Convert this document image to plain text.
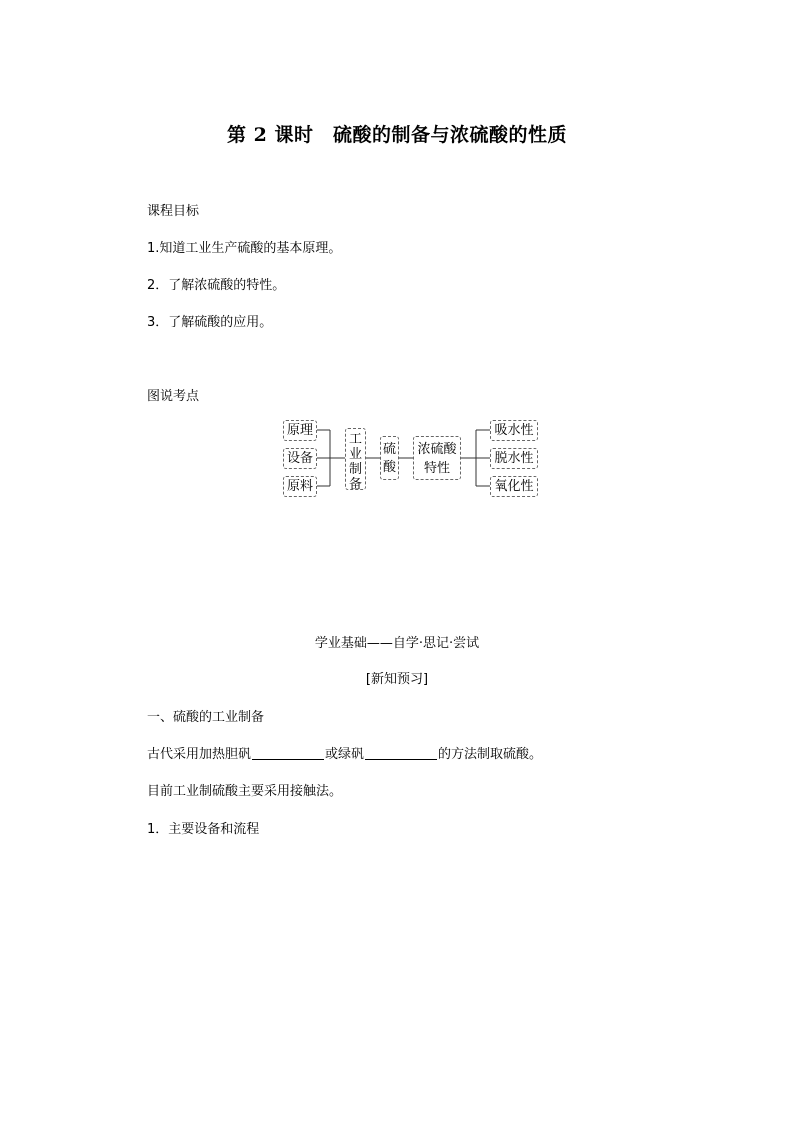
第 2 课时　硫酸的制备与浓硫酸的性质
课程目标
1.知道工业生产硫酸的基本原理。
2．了解浓硫酸的特性。
3．了解硫酸的应用。
图说考点
原理
设备
原料
工
业
制
备
硫
酸
浓硫酸
特性
吸水性
脱水性
氧化性
学业基础——自学·思记·尝试
[新知预习]
一、硫酸的工业制备
古代采用加热胆矾	或绿矾	的方法制取硫酸。
目前工业制硫酸主要采用接触法。
1．主要设备和流程
